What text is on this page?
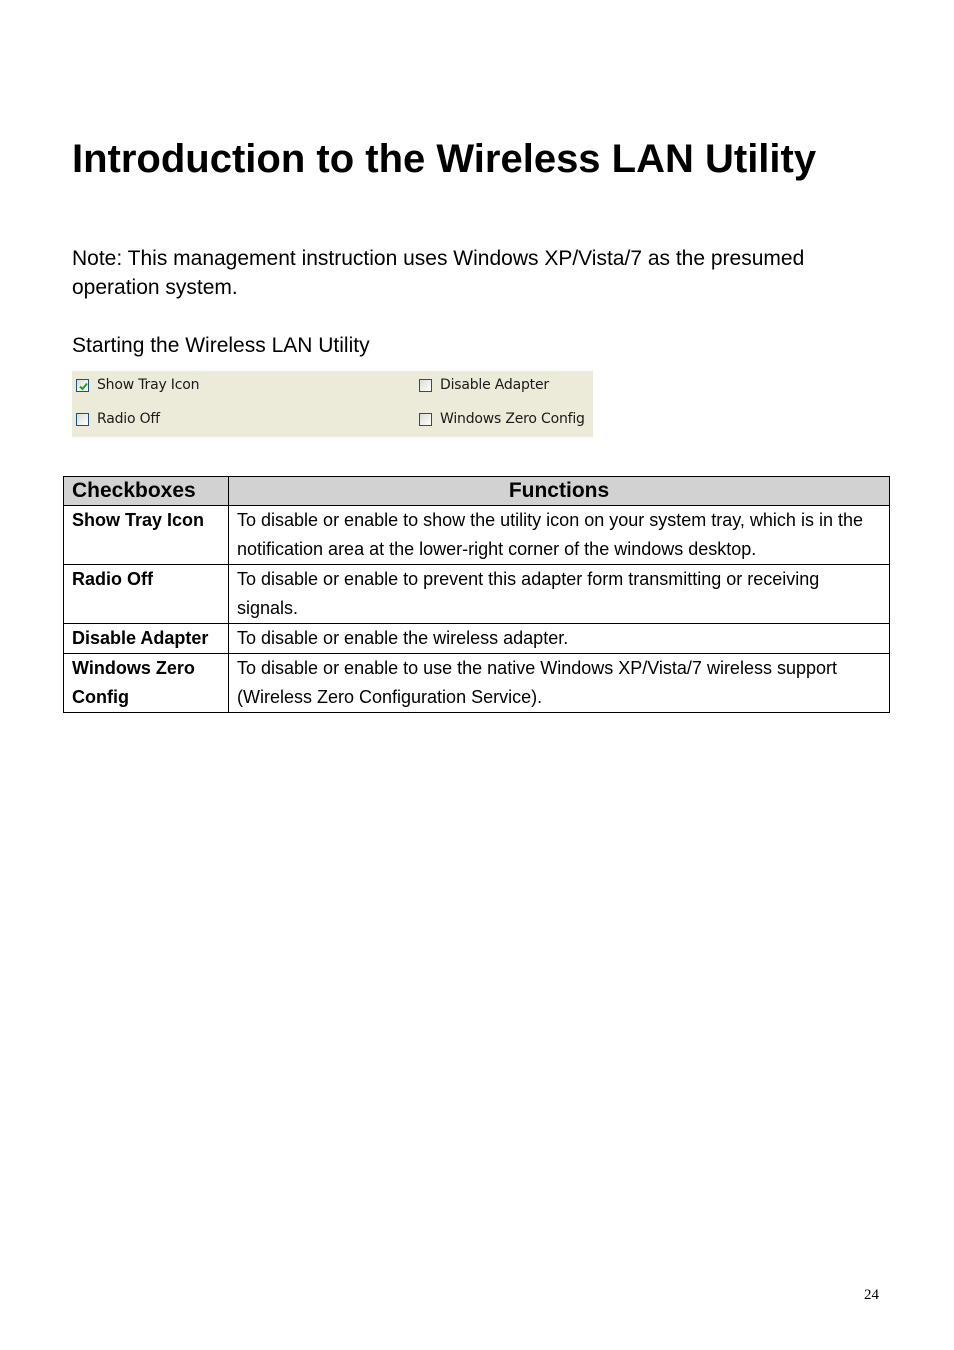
Introduction to the Wireless LAN Utility

Note: This management instruction uses Windows XP/Vista/7 as the presumed operation system.

Starting the Wireless LAN Utility

Show Tray Icon
Radio Off
Disable Adapter
Windows Zero Config
Checkboxes	Functions
Show Tray Icon	To disable or enable to show the utility icon on your system tray, which is in the notification area at the lower-right corner of the windows desktop.
Radio Off	To disable or enable to prevent this adapter form transmitting or receiving signals.
Disable Adapter	To disable or enable the wireless adapter.
Windows Zero Config	To disable or enable to use the native Windows XP/Vista/7 wireless support (Wireless Zero Configuration Service).
24
